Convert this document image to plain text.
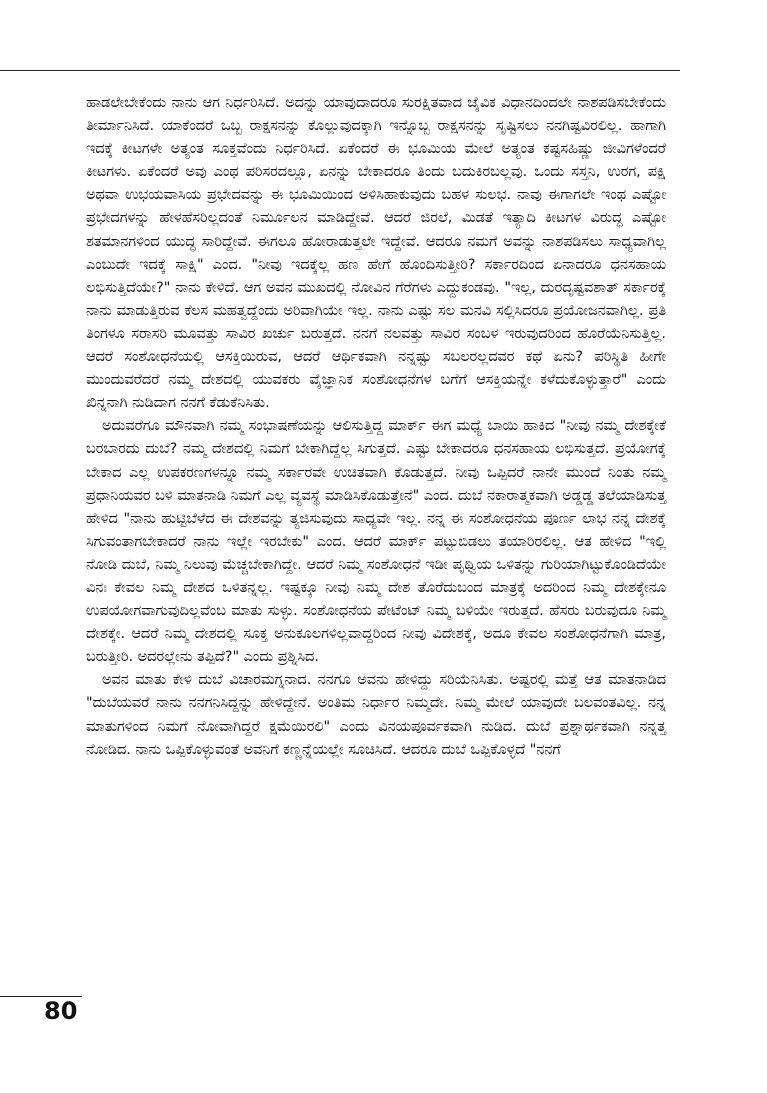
ಹಾಡಲೇಬೇಕೆಂದು ನಾನು ಆಗ ನಿರ್ಧರಿಸಿದೆ. ಅದನ್ನು ಯಾವುದಾದರೂ ಸುರಕ್ಷಿತವಾದ ಜೈವಿಕ ವಿಧಾನದಿಂದಲೇ ನಾಶಪಡಿಸಬೇಕೆಂದು ತೀರ್ಮಾನಿಸಿದೆ. ಯಾಕೆಂದರೆ ಒಬ್ಬ ರಾಕ್ಷಸನನ್ನು ಕೊಲ್ಲುವುದಕ್ಕಾಗಿ ಇನ್ನೊಬ್ಬ ರಾಕ್ಷಸನನ್ನು ಸೃಷ್ಟಿಸಲು ನನಗಿಷ್ಟವಿರಲಿಲ್ಲ. ಹಾಗಾಗಿ ಇದಕ್ಕೆ ಕೀಟಗಳೇ ಅತ್ಯಂತ ಸೂಕ್ತವೆಂದು ನಿರ್ಧರಿಸಿದೆ. ಏಕೆಂದರೆ ಈ ಭೂಮಿಯ ಮೇಲೆ ಅತ್ಯಂತ ಕಷ್ಟಸಹಿಷ್ಣು ಜೀವಿಗಳೆಂದರೆ ಕೀಟಗಳು. ಏಕೆಂದರೆ ಅವು ಎಂಥ ಪರಿಸರದಲ್ಲೂ, ಏನನ್ನು ಬೇಕಾದರೂ ತಿಂದು ಬದುಕಿರಬಲ್ಲವು. ಒಂದು ಸಸ್ತನಿ, ಉರಗ, ಪಕ್ಷಿ ಅಥವಾ ಉಭಯವಾಸಿಯ ಪ್ರಭೇದವನ್ನು ಈ ಭೂಮಿಯಿಂದ ಅಳಿಸಿಹಾಕುವುದು ಬಹಳ ಸುಲಭ. ನಾವು ಈಗಾಗಲೇ ಇಂಥ ಎಷ್ಟೋ ಪ್ರಭೇದಗಳನ್ನು ಹೇಳಹೆಸರಿಲ್ಲದಂತೆ ನಿರ್ಮೂಲನ ಮಾಡಿದ್ದೇವೆ. ಆದರೆ ಜಿರಲೆ, ಮಿಡತೆ ಇತ್ಯಾದಿ ಕೀಟಗಳ ವಿರುದ್ಧ ಎಷ್ಟೋ ಶತಮಾನಗಳಿಂದ ಯುದ್ಧ ಸಾರಿದ್ದೇವೆ. ಈಗಲೂ ಹೋರಾಡುತ್ತಲೇ ಇದ್ದೇವೆ. ಆದರೂ ನಮಗೆ ಅವನ್ನು ನಾಶಪಡಿಸಲು ಸಾಧ್ಯವಾಗಿಲ್ಲ ಎಂಬುದೇ ಇದಕ್ಕೆ ಸಾಕ್ಷಿ" ಎಂದ. "ನೀವು ಇದಕ್ಕೆಲ್ಲ ಹಣ ಹೇಗೆ ಹೊಂದಿಸುತ್ತೀರಿ? ಸರ್ಕಾರದಿಂದ ಏನಾದರೂ ಧನಸಹಾಯ ಲಭಿಸುತ್ತಿದೆಯೇ?" ನಾನು ಕೇಳಿದೆ. ಆಗ ಅವನ ಮುಖದಲ್ಲಿ ನೋವಿನ ಗೆರೆಗಳು ಎದ್ದುಕಂಡವು. "ಇಲ್ಲ, ದುರದೃಷ್ಟವಶಾತ್ ಸರ್ಕಾರಕ್ಕೆ ನಾನು ಮಾಡುತ್ತಿರುವ ಕೆಲಸ ಮಹತ್ವದ್ದೆಂದು ಅರಿವಾಗಿಯೇ ಇಲ್ಲ. ನಾನು ಎಷ್ಟು ಸಲ ಮನವಿ ಸಲ್ಲಿಸಿದರೂ ಪ್ರಯೋಜನವಾಗಿಲ್ಲ. ಪ್ರತಿ ತಿಂಗಳೂ ಸರಾಸರಿ ಮೂವತ್ತು ಸಾವಿರ ಖರ್ಚು ಬರುತ್ತದೆ. ನನಗೆ ನಲವತ್ತು ಸಾವಿರ ಸಂಬಳ ಇರುವುದರಿಂದ ಹೊರೆಯೆನಿಸುತ್ತಿಲ್ಲ. ಆದರೆ ಸಂಶೋಧನೆಯಲ್ಲಿ ಆಸಕ್ತಿಯಿರುವ, ಆದರೆ ಆರ್ಥಿಕವಾಗಿ ನನ್ನಷ್ಟು ಸಬಲರಲ್ಲದವರ ಕಥೆ ಏನು? ಪರಿಸ್ಥಿತಿ ಹೀಗೇ ಮುಂದುವರೆದರೆ ನಮ್ಮ ದೇಶದಲ್ಲಿ ಯುವಕರು ವೈಜ್ಞಾನಿಕ ಸಂಶೋಧನೆಗಳ ಬಗೆಗೆ ಆಸಕ್ತಿಯನ್ನೇ ಕಳೆದುಕೊಳ್ಳುತ್ತಾರೆ" ಎಂದು ಖಿನ್ನನಾಗಿ ನುಡಿದಾಗ ನನಗೆ ಕೆಡುಕೆನಿಸಿತು.

ಅದುವರೆಗೂ ಮೌನವಾಗಿ ನಮ್ಮ ಸಂಭಾಷಣೆಯನ್ನು ಆಲಿಸುತ್ತಿದ್ದ ಮಾರ್ಕ್ ಈಗ ಮಧ್ಯೆ ಬಾಯಿ ಹಾಕಿದ "ನೀವು ನಮ್ಮ ದೇಶಕ್ಕೇಕೆ ಬರಬಾರದು ದುಬೆ? ನಮ್ಮ ದೇಶದಲ್ಲಿ ನಿಮಗೆ ಬೇಕಾಗಿದ್ದೆಲ್ಲ ಸಿಗುತ್ತದೆ. ಎಷ್ಟು ಬೇಕಾದರೂ ಧನಸಹಾಯ ಲಭಿಸುತ್ತದೆ. ಪ್ರಯೋಗಕ್ಕೆ ಬೇಕಾದ ಎಲ್ಲ ಉಪಕರಣಗಳನ್ನೂ ನಮ್ಮ ಸರ್ಕಾರವೇ ಉಚಿತವಾಗಿ ಕೊಡುತ್ತದೆ. ನೀವು ಒಪ್ಪಿದರೆ ನಾನೇ ಮುಂದೆ ನಿಂತು ನಮ್ಮ ಪ್ರಧಾನಿಯವರ ಬಳಿ ಮಾತನಾಡಿ ನಿಮಗೆ ಎಲ್ಲ ವ್ಯವಸ್ಥೆ ಮಾಡಿಸಿಕೊಡುತ್ತೇನೆ" ಎಂದ. ದುಬೆ ನಕಾರಾತ್ಮಕವಾಗಿ ಅಡ್ಡಡ್ಡ ತಲೆಯಾಡಿಸುತ್ತ ಹೇಳಿದ "ನಾನು ಹುಟ್ಟಿಬೆಳೆದ ಈ ದೇಶವನ್ನು ತ್ಯಜಿಸುವುದು ಸಾಧ್ಯವೇ ಇಲ್ಲ. ನನ್ನ ಈ ಸಂಶೋಧನೆಯ ಪೂರ್ಣ ಲಾಭ ನನ್ನ ದೇಶಕ್ಕೆ ಸಿಗುವಂತಾಗಬೇಕಾದರೆ ನಾನು ಇಲ್ಲೇ ಇರಬೇಕು" ಎಂದ. ಆದರೆ ಮಾರ್ಕ್ ಪಟ್ಟುಬಿಡಲು ತಯಾರಿರಲಿಲ್ಲ. ಆತ ಹೇಳಿದ "ಇಲ್ಲಿ ನೋಡಿ ದುಬೆ, ನಿಮ್ಮ ನಿಲುವು ಮೆಚ್ಚಬೇಕಾಗಿದ್ದೇ. ಆದರೆ ನಿಮ್ಮ ಸಂಶೋಧನೆ ಇಡೀ ಪೃಥ್ವಿಯ ಒಳಿತನ್ನು ಗುರಿಯಾಗಿಟ್ಟುಕೊಂಡಿದೆಯೇ ವಿನಃ ಕೇವಲ ನಿಮ್ಮ ದೇಶದ ಒಳಿತನ್ನಲ್ಲ. ಇಷ್ಟಕ್ಕೂ ನೀವು ನಿಮ್ಮ ದೇಶ ತೊರೆದುಬಂದ ಮಾತ್ರಕ್ಕೆ ಅದರಿಂದ ನಿಮ್ಮ ದೇಶಕ್ಕೇನೂ ಉಪಯೋಗವಾಗುವುದಿಲ್ಲವೆಂಬ ಮಾತು ಸುಳ್ಳು. ಸಂಶೋಧನೆಯ ಪೇಟೆಂಟ್ ನಿಮ್ಮ ಬಳಿಯೇ ಇರುತ್ತದೆ. ಹೆಸರು ಬರುವುದೂ ನಿಮ್ಮ ದೇಶಕ್ಕೇ. ಆದರೆ ನಿಮ್ಮ ದೇಶದಲ್ಲಿ ಸೂಕ್ತ ಅನುಕೂಲಗಳಿಲ್ಲವಾದ್ದರಿಂದ ನೀವು ವಿದೇಶಕ್ಕೆ, ಅದೂ ಕೇವಲ ಸಂಶೋಧನೆಗಾಗಿ ಮಾತ್ರ, ಬರುತ್ತೀರಿ. ಅದರಲ್ಲೇನು ತಪ್ಪಿದೆ?" ಎಂದು ಪ್ರಶ್ನಿಸಿದ.

ಅವನ ಮಾತು ಕೇಳಿ ದುಬೆ ವಿಚಾರಮಗ್ನನಾದ. ನನಗೂ ಅವನು ಹೇಳಿದ್ದು ಸರಿಯೆನಿಸಿತು. ಅಷ್ಟರಲ್ಲಿ ಮತ್ತೆ ಆತ ಮಾತನಾಡಿದ "ದುಬೆಯವರೆ ನಾನು ನನಗನಿಸಿದ್ದನ್ನು ಹೇಳಿದ್ದೇನೆ. ಅಂತಿಮ ನಿರ್ಧಾರ ನಿಮ್ಮದೇ. ನಿಮ್ಮ ಮೇಲೆ ಯಾವುದೇ ಬಲವಂತವಿಲ್ಲ. ನನ್ನ ಮಾತುಗಳಿಂದ ನಿಮಗೆ ನೋವಾಗಿದ್ದರೆ ಕ್ಷಮೆಯಿರಲಿ" ಎಂದು ವಿನಯಪೂರ್ವಕವಾಗಿ ನುಡಿದ. ದುಬೆ ಪ್ರಶ್ನಾರ್ಥಕವಾಗಿ ನನ್ನತ್ತ ನೋಡಿದ. ನಾನು ಒಪ್ಪಿಕೊಳ್ಳುವಂತೆ ಅವನಿಗೆ ಕಣ್ಣನ್ನೆಯಲ್ಲೇ ಸೂಚಿಸಿದೆ. ಆದರೂ ದುಬೆ ಒಪ್ಪಿಕೊಳ್ಳದೆ "ನನಗೆ

80
